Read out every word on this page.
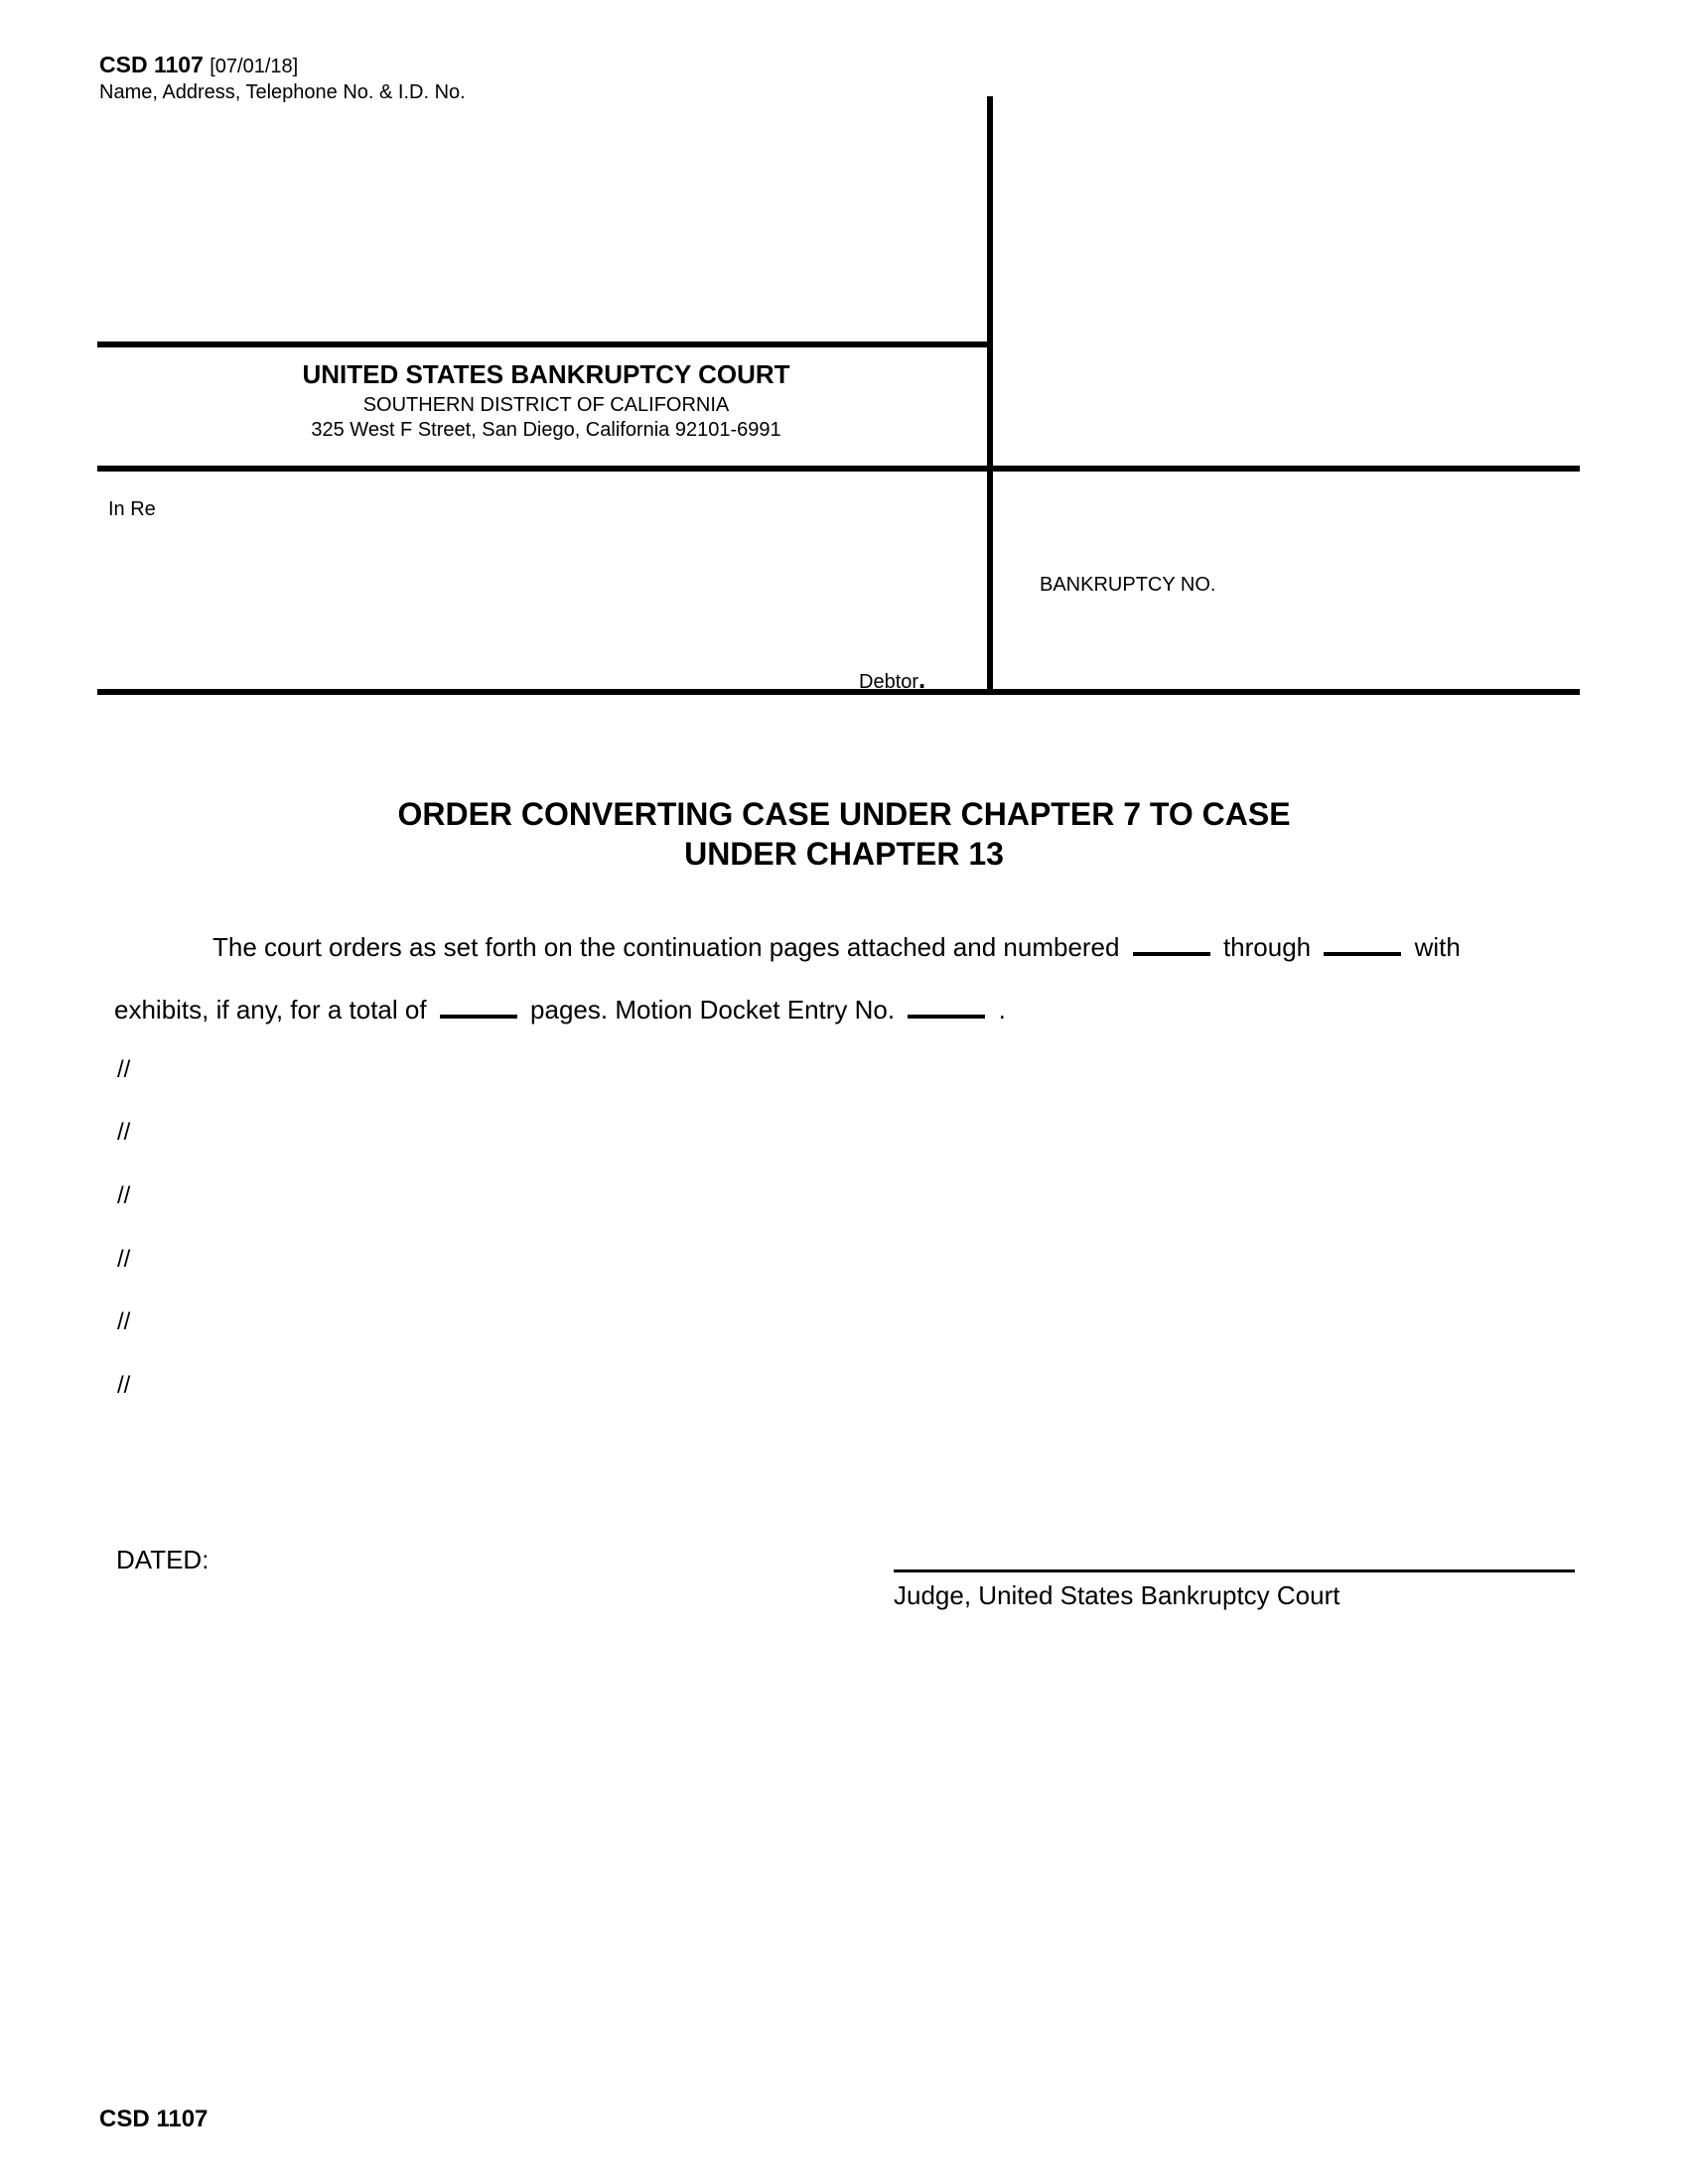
CSD 1107 [07/01/18]
Name, Address, Telephone No. & I.D. No.
UNITED STATES BANKRUPTCY COURT
SOUTHERN DISTRICT OF CALIFORNIA
325 West F Street, San Diego, California 92101-6991
In Re
Debtor.
BANKRUPTCY NO.
ORDER CONVERTING CASE UNDER CHAPTER 7 TO CASE
UNDER CHAPTER 13
The court orders as set forth on the continuation pages attached and numbered	through	with
exhibits, if any, for a total of	pages. Motion Docket Entry No.	.
//
//
//
//
//
//
DATED:
Judge, United States Bankruptcy Court
CSD 1107
